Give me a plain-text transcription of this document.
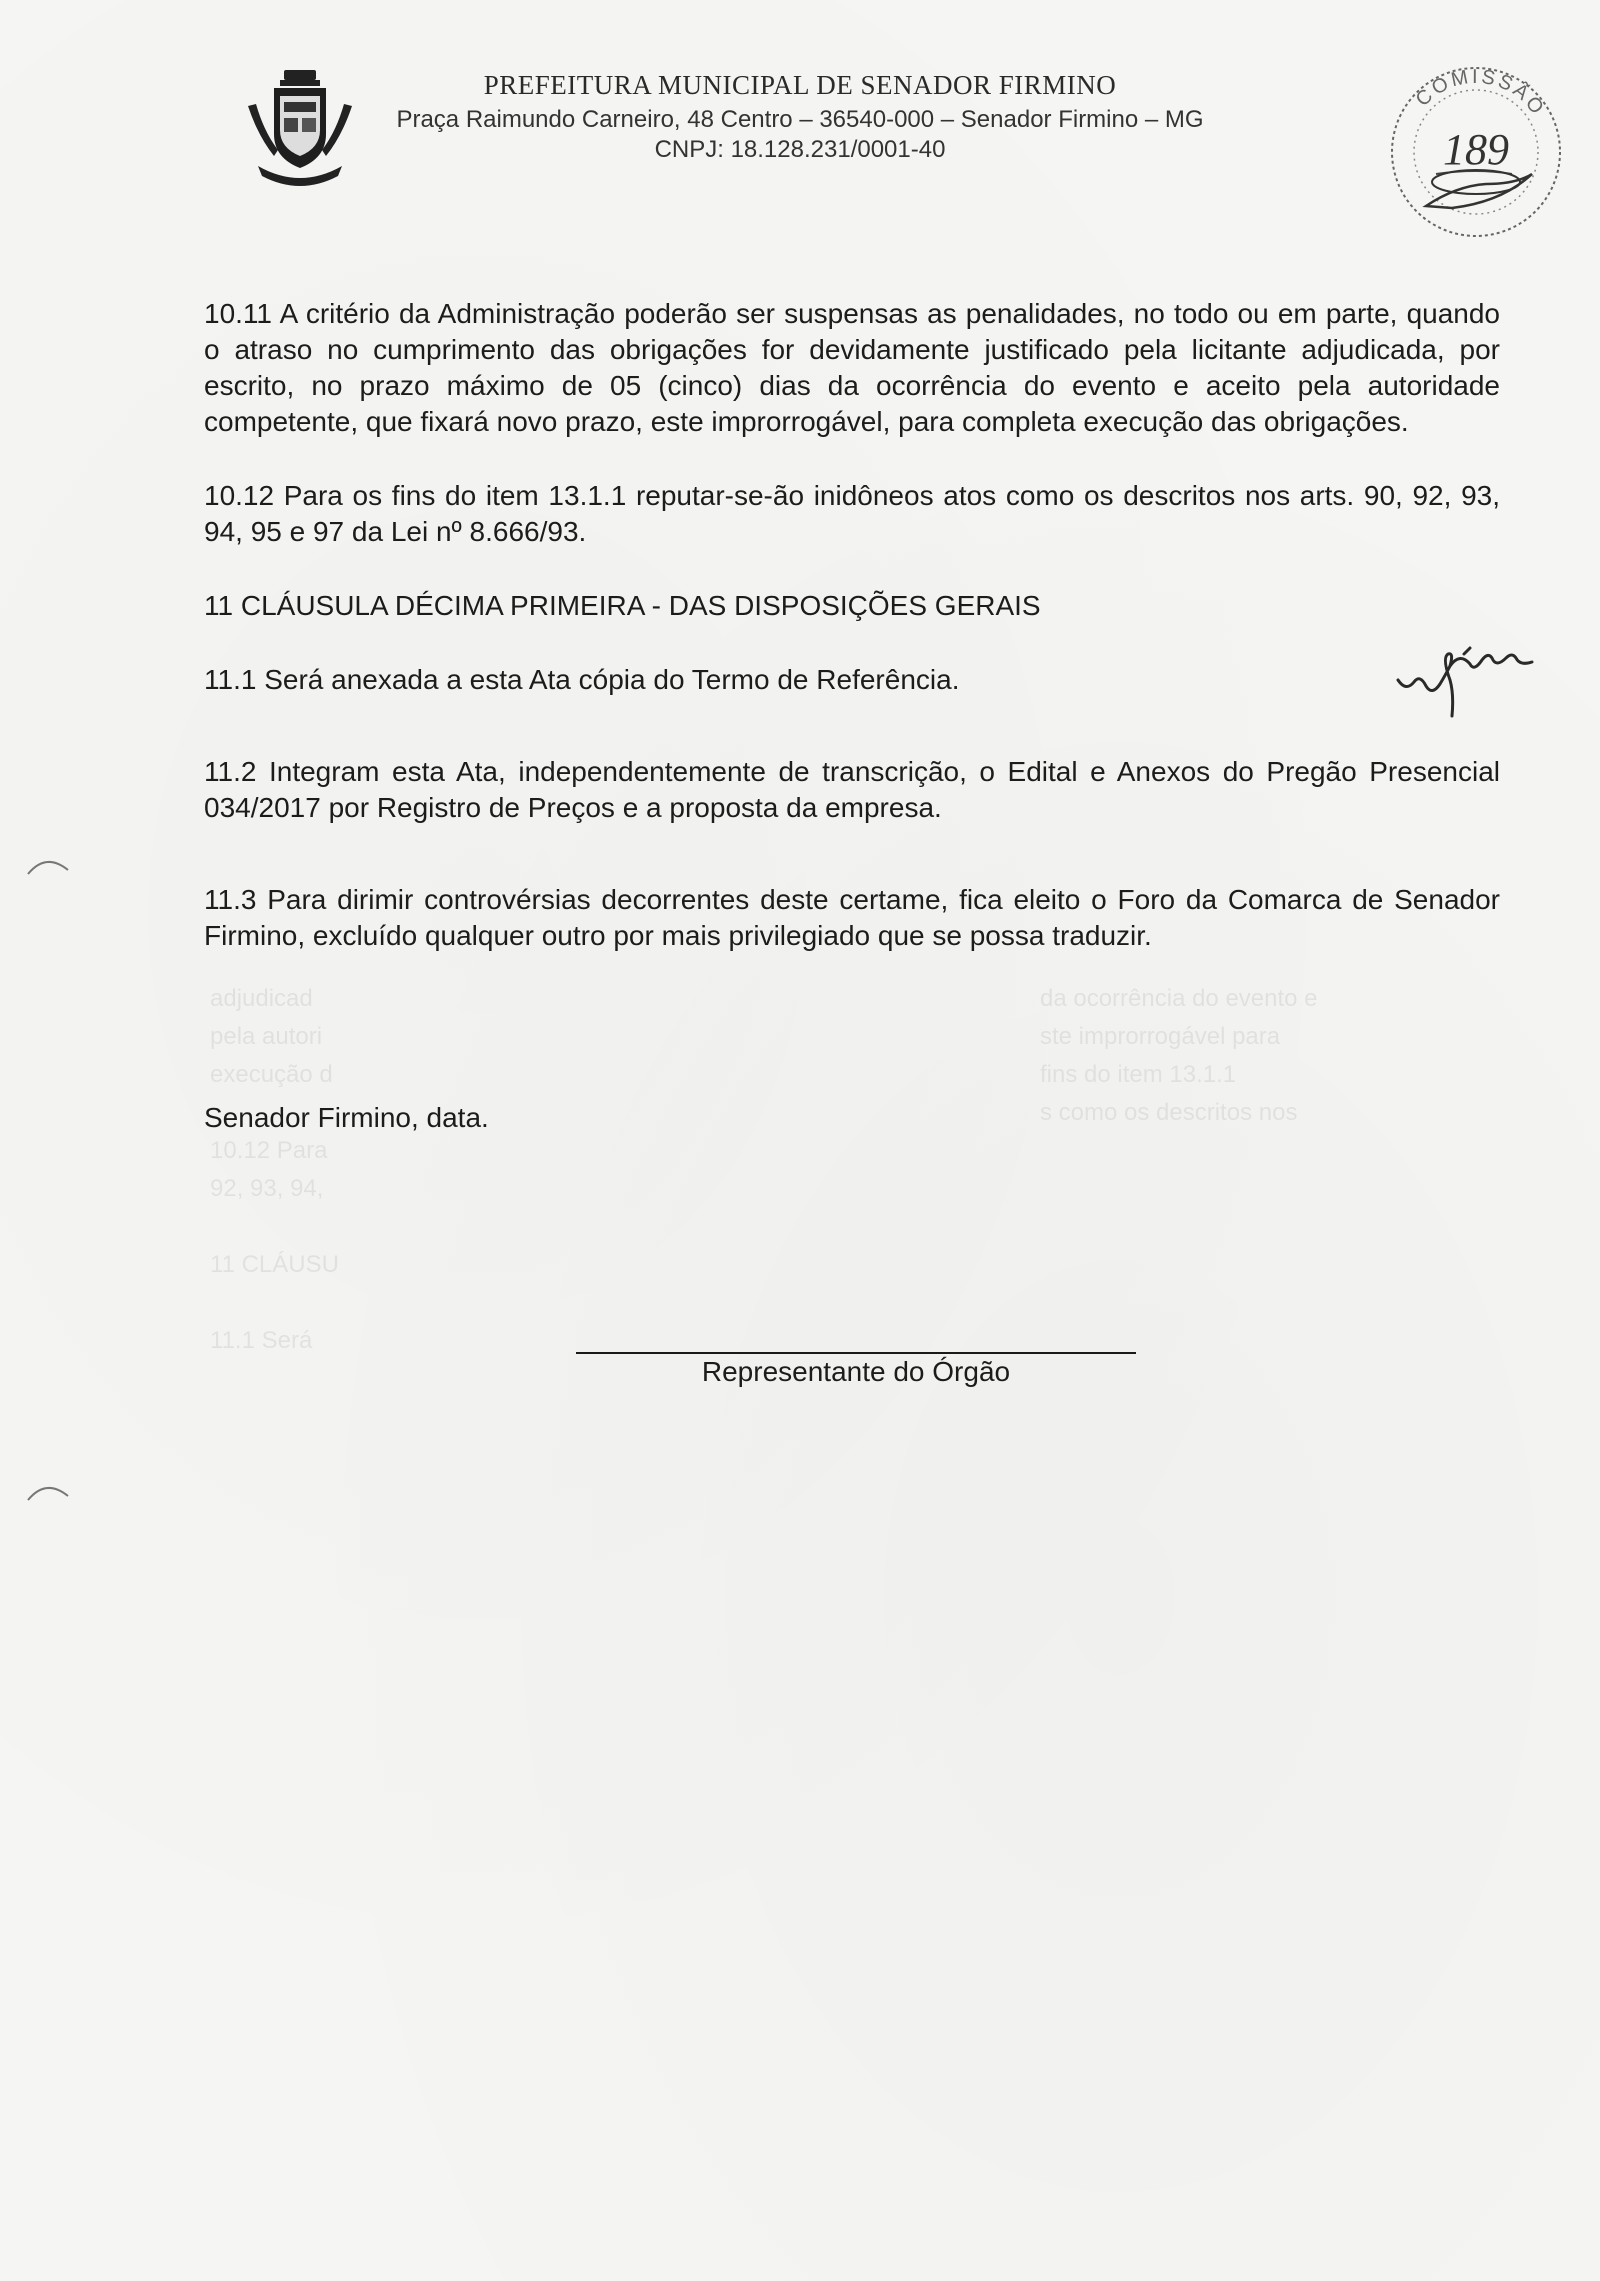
adjudicad
pela autori
execução d

10.12 Para
92, 93, 94,

11 CLÁUSU

11.1 Será
da ocorrência do evento e
ste improrrogável para
fins do item 13.1.1
s como os descritos nos
PREFEITURA MUNICIPAL DE SENADOR FIRMINO
Praça Raimundo Carneiro, 48 Centro – 36540-000 – Senador Firmino – MG
CNPJ: 18.128.231/0001-40
COMISSÃO
189

10.11 A critério da Administração poderão ser suspensas as penalidades, no todo ou em parte, quando o atraso no cumprimento das obrigações for devidamente justificado pela licitante adjudicada, por escrito, no prazo máximo de 05 (cinco) dias da ocorrência do evento e aceito pela autoridade competente, que fixará novo prazo, este improrrogável, para completa execução das obrigações.

10.12 Para os fins do item 13.1.1 reputar-se-ão inidôneos atos como os descritos nos arts. 90, 92, 93, 94, 95 e 97 da Lei nº 8.666/93.

11 CLÁUSULA DÉCIMA PRIMEIRA - DAS DISPOSIÇÕES GERAIS

11.1 Será anexada a esta Ata cópia do Termo de Referência.

11.2 Integram esta Ata, independentemente de transcrição, o Edital e Anexos do Pregão Presencial 034/2017 por Registro de Preços e a proposta da empresa.

11.3 Para dirimir controvérsias decorrentes deste certame, fica eleito o Foro da Comarca de Senador Firmino, excluído qualquer outro por mais privilegiado que se possa traduzir.

Senador Firmino, data.

Representante do Órgão
